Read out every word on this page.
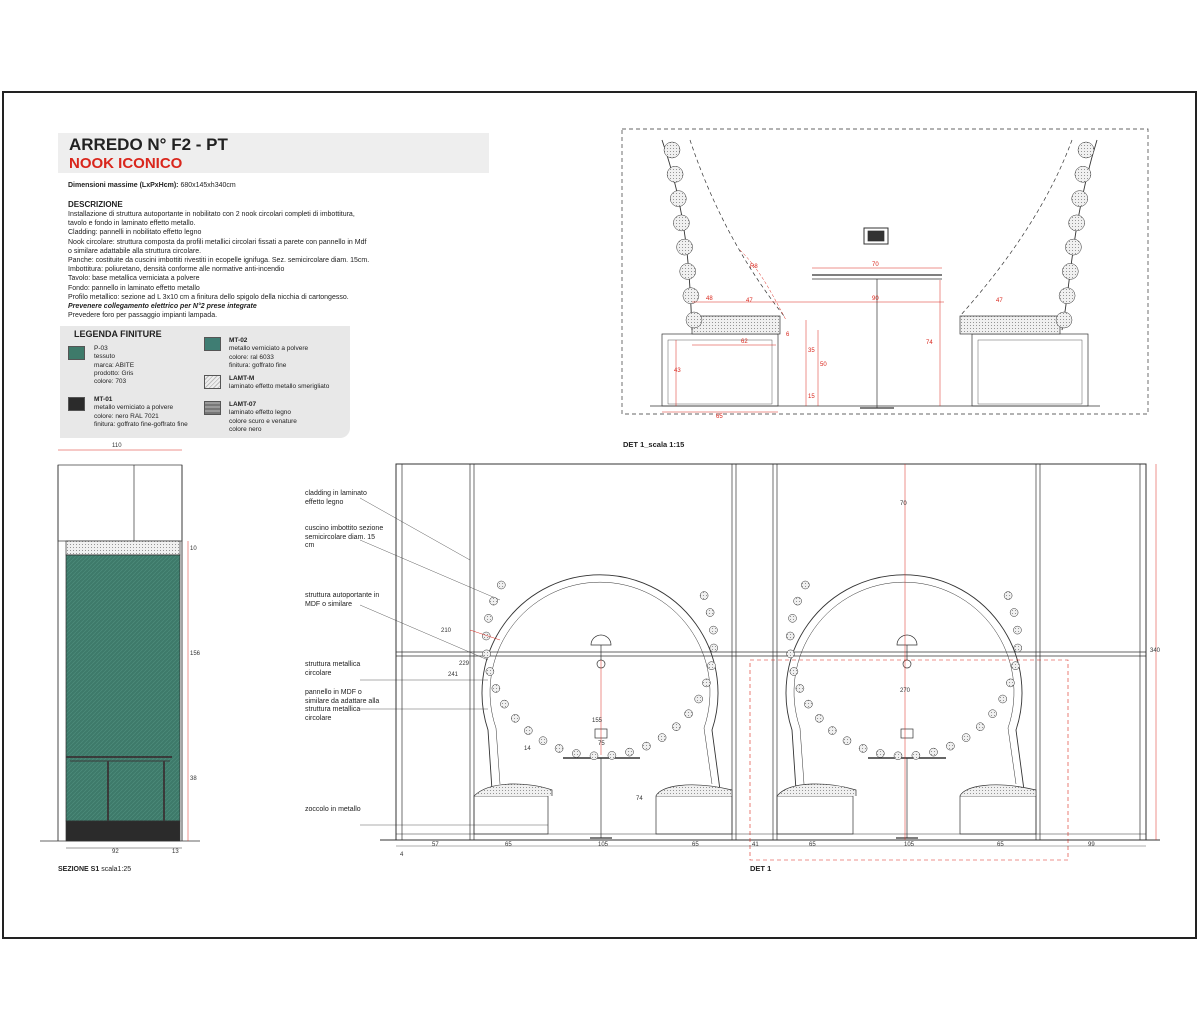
ARREDO N° F2 - PT
NOOK ICONICO
Dimensioni massime (LxPxHcm): 680x145xh340cm
DESCRIZIONE
Installazione di struttura autoportante in nobilitato con 2 nook circolari completi di imbottitura,
tavolo e fondo in laminato effetto metallo.
Cladding: pannelli in nobilitato effetto legno
Nook circolare: struttura composta da profili metallici circolari fissati a parete con pannello in Mdf
o similare adattabile alla struttura circolare.
Panche: costituite da cuscini imbottiti rivestiti in ecopelle ignifuga. Sez. semicircolare diam. 15cm.
Imbottitura: poliuretano, densità conforme alle normative anti-incendio
Tavolo: base metallica verniciata a polvere
Fondo: pannello in laminato effetto metallo
Profilo metallico: sezione ad L 3x10 cm a finitura dello spigolo della nicchia di cartongesso.
Prevenere collegamento elettrico per N°2 prese integrate
Prevedere foro per passaggio impianti lampada.
LEGENDA FINITURE
P-03
tessuto
marca: ABITE
prodotto: Gris
colore: 703
MT-01
metallo verniciato a polvere
colore: nero RAL 7021
finitura: goffrato fine-goffrato fine
MT-02
metallo verniciato a polvere
colore: ral 6033
finitura: goffrato fine
LAMT-M
laminato effetto metallo smerigliato
LAMT-07
laminato effetto legno
colore scuro e venature
colore nero
DET 1_scala 1:15
DET 1
SEZIONE S1 scala1:25
cladding in laminato effetto legno
cuscino imbottito sezione semicircolare diam. 15 cm
struttura autoportante in MDF o similare
struttura metallica circolare
pannello in MDF o similare da adattare alla struttura metallica circolare
zoccolo in metallo
70
90
R8
48	47	47
62
35
50
15
43
65
74
6
110
92	13
10
156
38
4
57	65	105	65	41	65	105	65	99
70
270
340
74
75
155
210
229
241
14
